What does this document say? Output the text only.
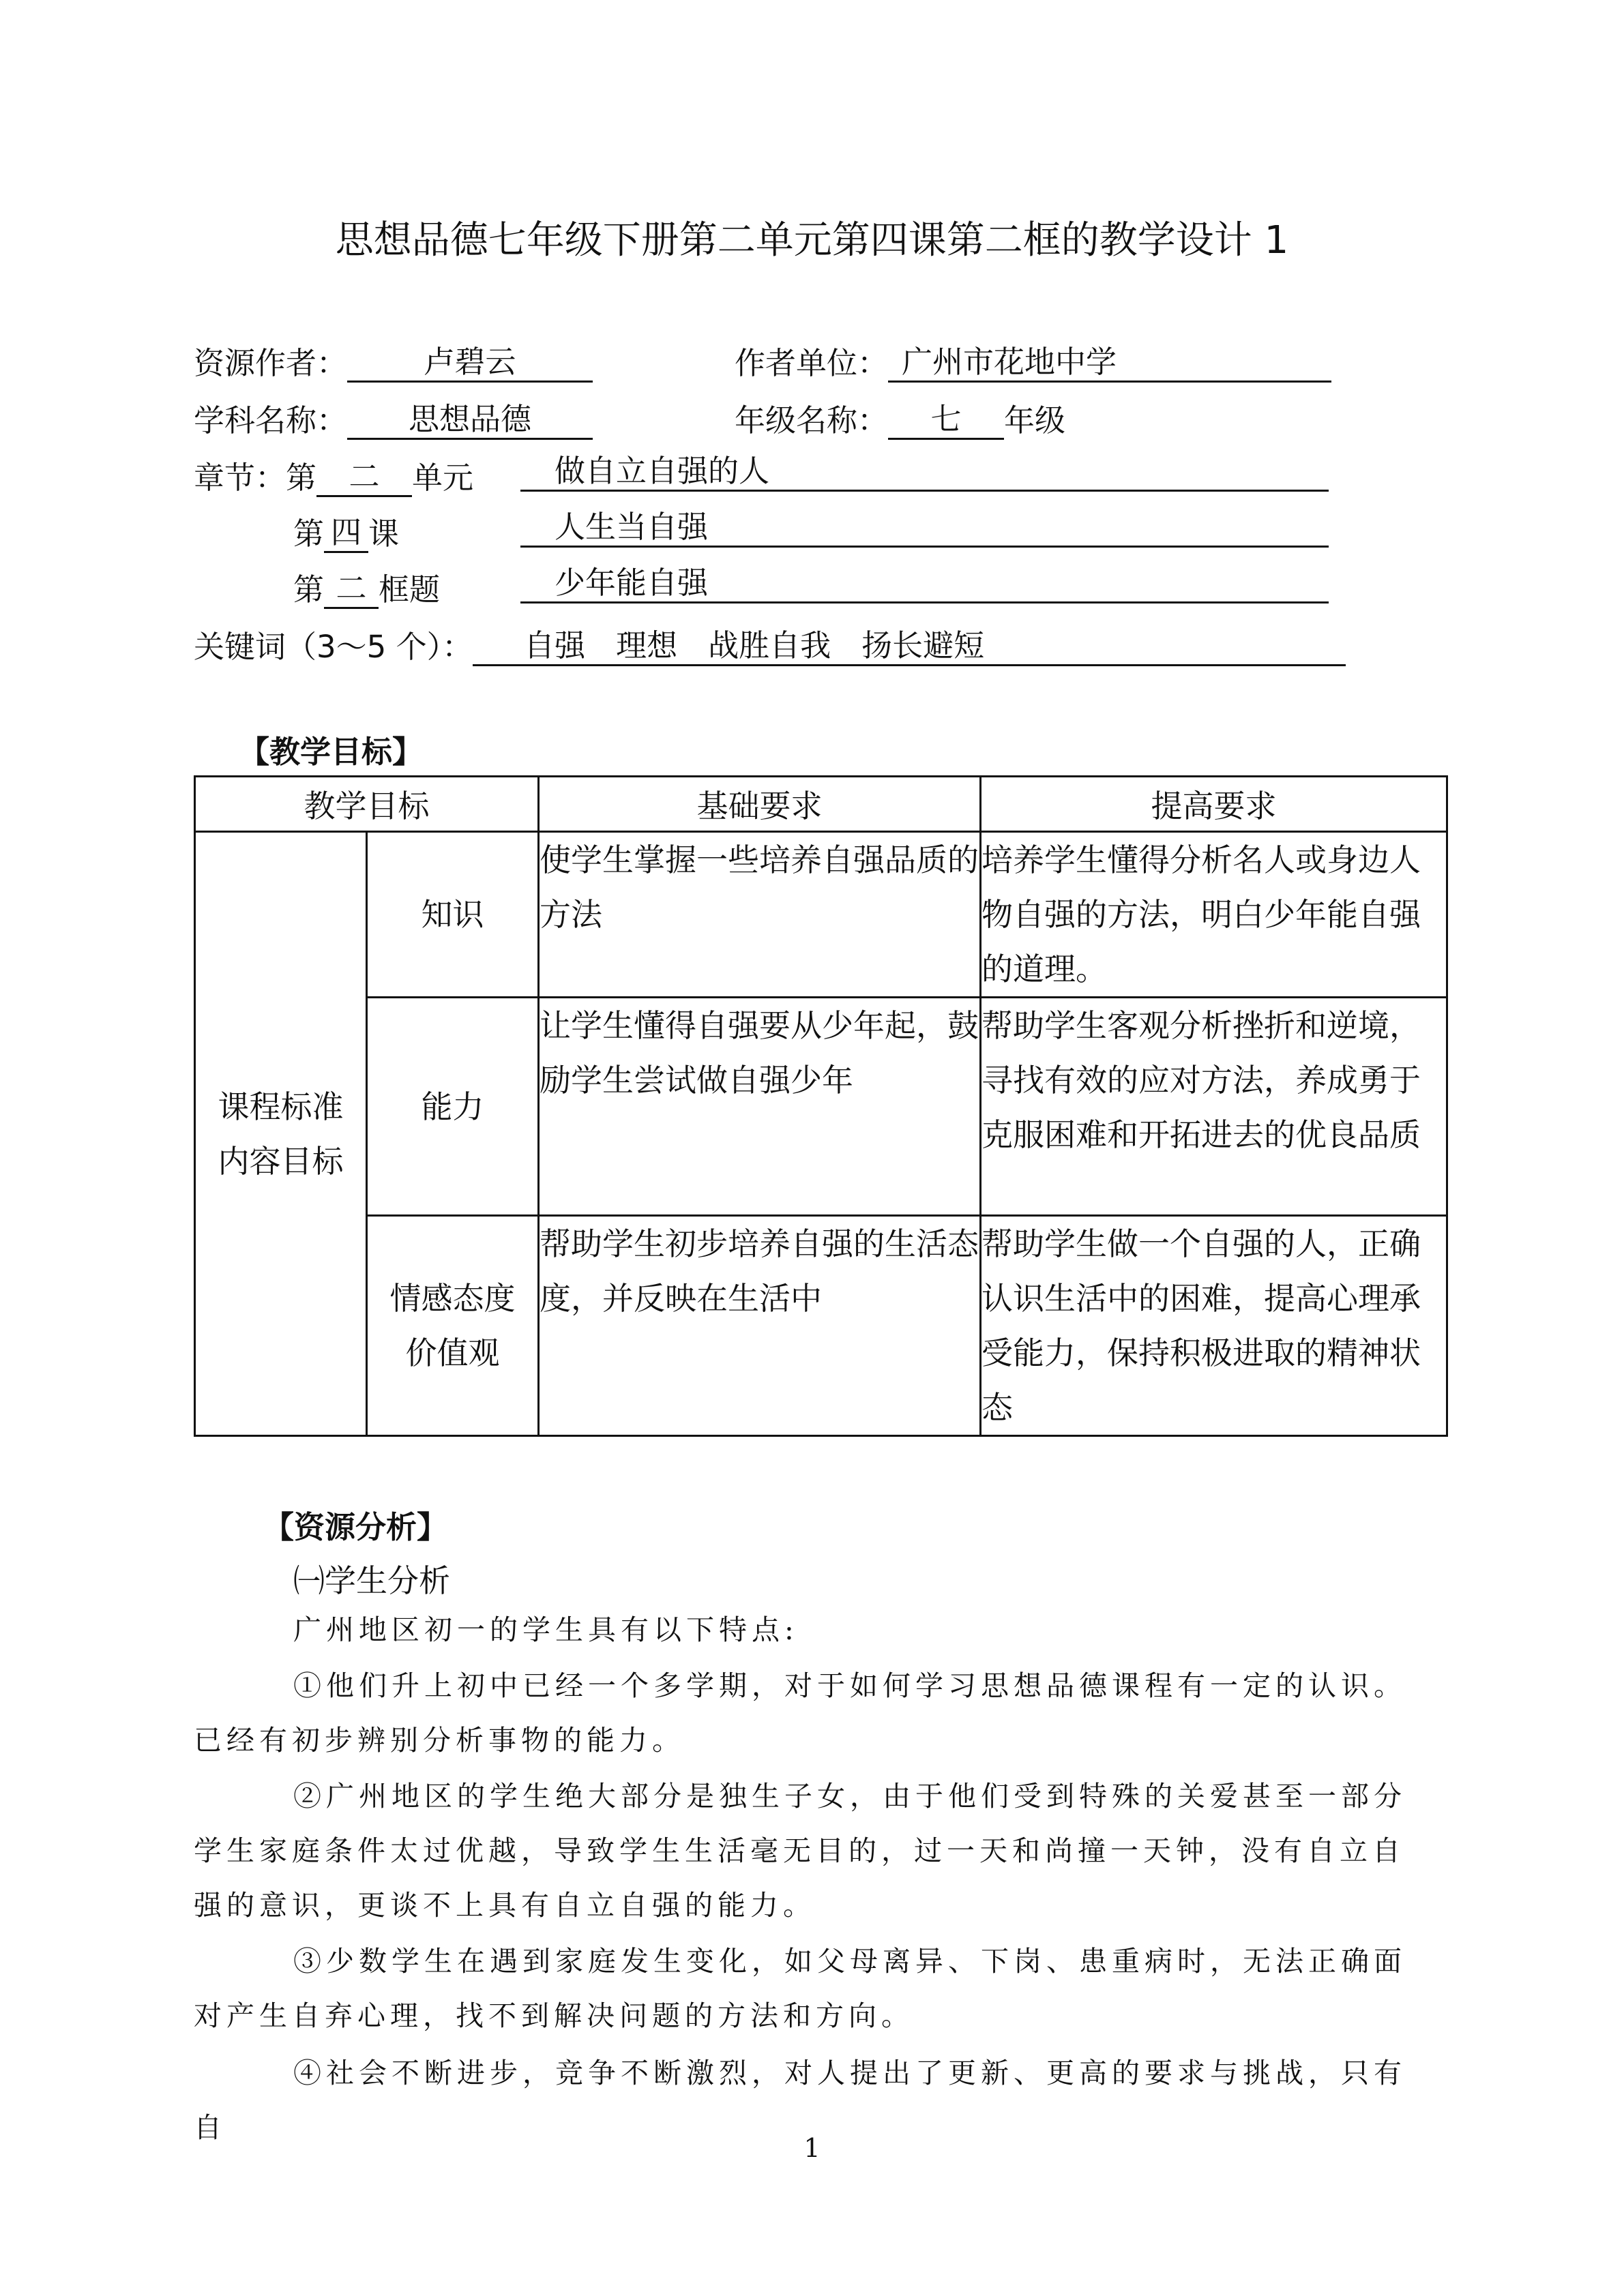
思想品德七年级下册第二单元第四课第二框的教学设计 1
资源作者： 卢碧云	作者单位： 广州市花地中学
学科名称： 思想品德	年级名称： 七 年级
章节：第 二 单元	做自立自强的人
第 四 课	人生当自强
第 二 框题	少年能自强
关键词（3～5 个）： 自强　理想　战胜自我　扬长避短
【教学目标】
教学目标		基础要求	提高要求

课程标准内容目标	知识	使学生掌握一些培养自强品质的方法	培养学生懂得分析名人或身边人物自强的方法，明白少年能自强的道理。
	能力	让学生懂得自强要从少年起，鼓励学生尝试做自强少年	帮助学生客观分析挫折和逆境，寻找有效的应对方法，养成勇于克服困难和开拓进去的优良品质
	情感态度价值观	帮助学生初步培养自强的生活态度，并反映在生活中	帮助学生做一个自强的人，正确认识生活中的困难，提高心理承受能力，保持积极进取的精神状态
【资源分析】
㈠学生分析
广州地区初一的学生具有以下特点:
①他们升上初中已经一个多学期，对于如何学习思想品德课程有一定的认识。已经有初步辨别分析事物的能力。
②广州地区的学生绝大部分是独生子女，由于他们受到特殊的关爱甚至一部分学生家庭条件太过优越，导致学生生活毫无目的，过一天和尚撞一天钟，没有自立自强的意识，更谈不上具有自立自强的能力。
③少数学生在遇到家庭发生变化，如父母离异、下岗、患重病时，无法正确面对产生自弃心理，找不到解决问题的方法和方向。
④社会不断进步，竞争不断激烈，对人提出了更新、更高的要求与挑战，只有自
1
